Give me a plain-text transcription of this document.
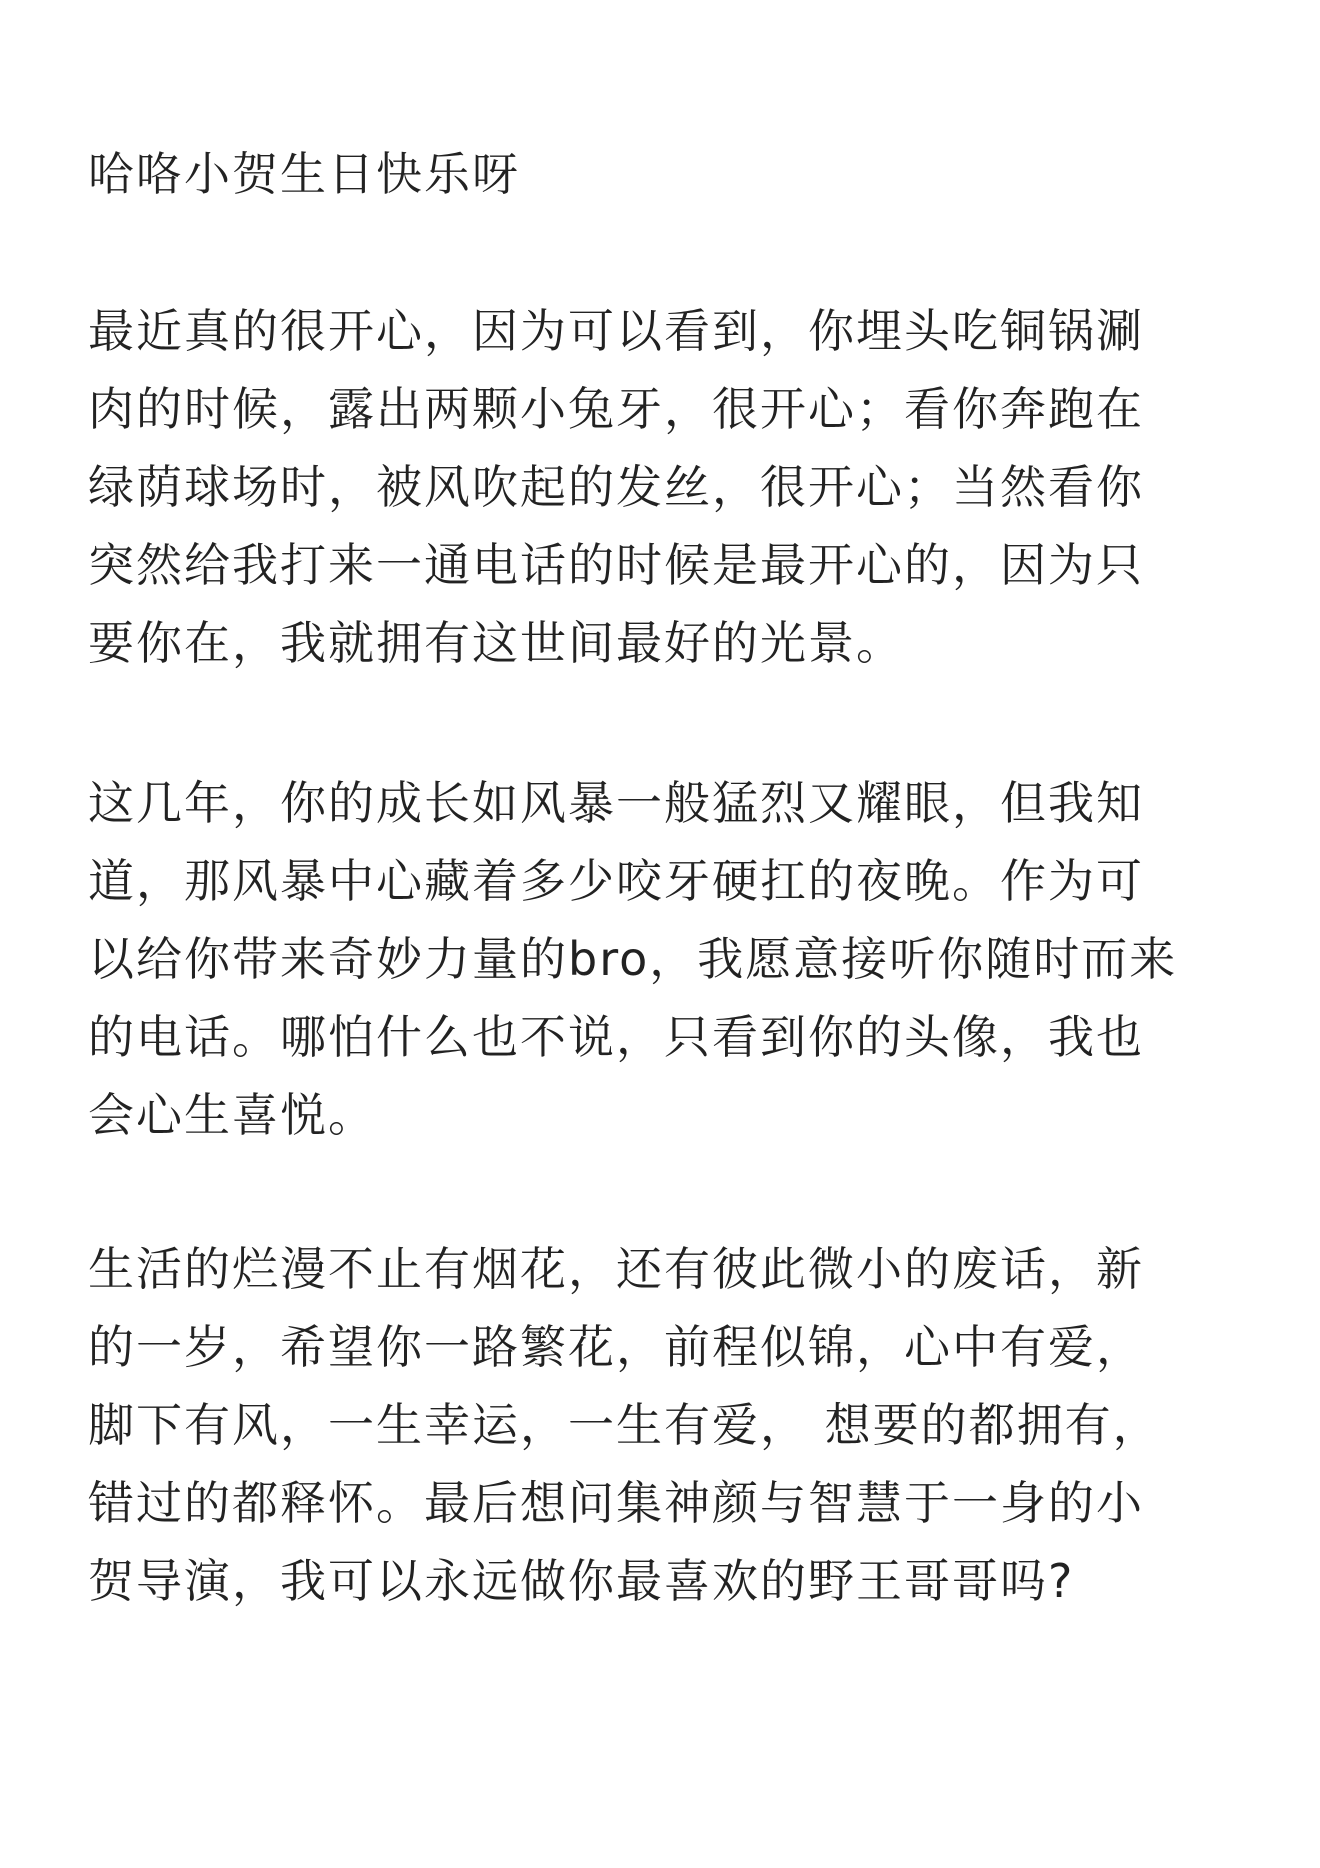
哈咯小贺生日快乐呀

最近真的很开心，因为可以看到，你埋头吃铜锅涮
肉的时候，露出两颗小兔牙，很开心；看你奔跑在
绿荫球场时，被风吹起的发丝，很开心；当然看你
突然给我打来一通电话的时候是最开心的，因为只
要你在，我就拥有这世间最好的光景。

这几年，你的成长如风暴一般猛烈又耀眼，但我知
道，那风暴中心藏着多少咬牙硬扛的夜晚。作为可
以给你带来奇妙力量的bro，我愿意接听你随时而来
的电话。哪怕什么也不说，只看到你的头像，我也
会心生喜悦。

生活的烂漫不止有烟花，还有彼此微小的废话，新
的一岁，希望你一路繁花，前程似锦，心中有爱，
脚下有风，一生幸运，一生有爱， 想要的都拥有，
错过的都释怀。最后想问集神颜与智慧于一身的小
贺导演，我可以永远做你最喜欢的野王哥哥吗?
